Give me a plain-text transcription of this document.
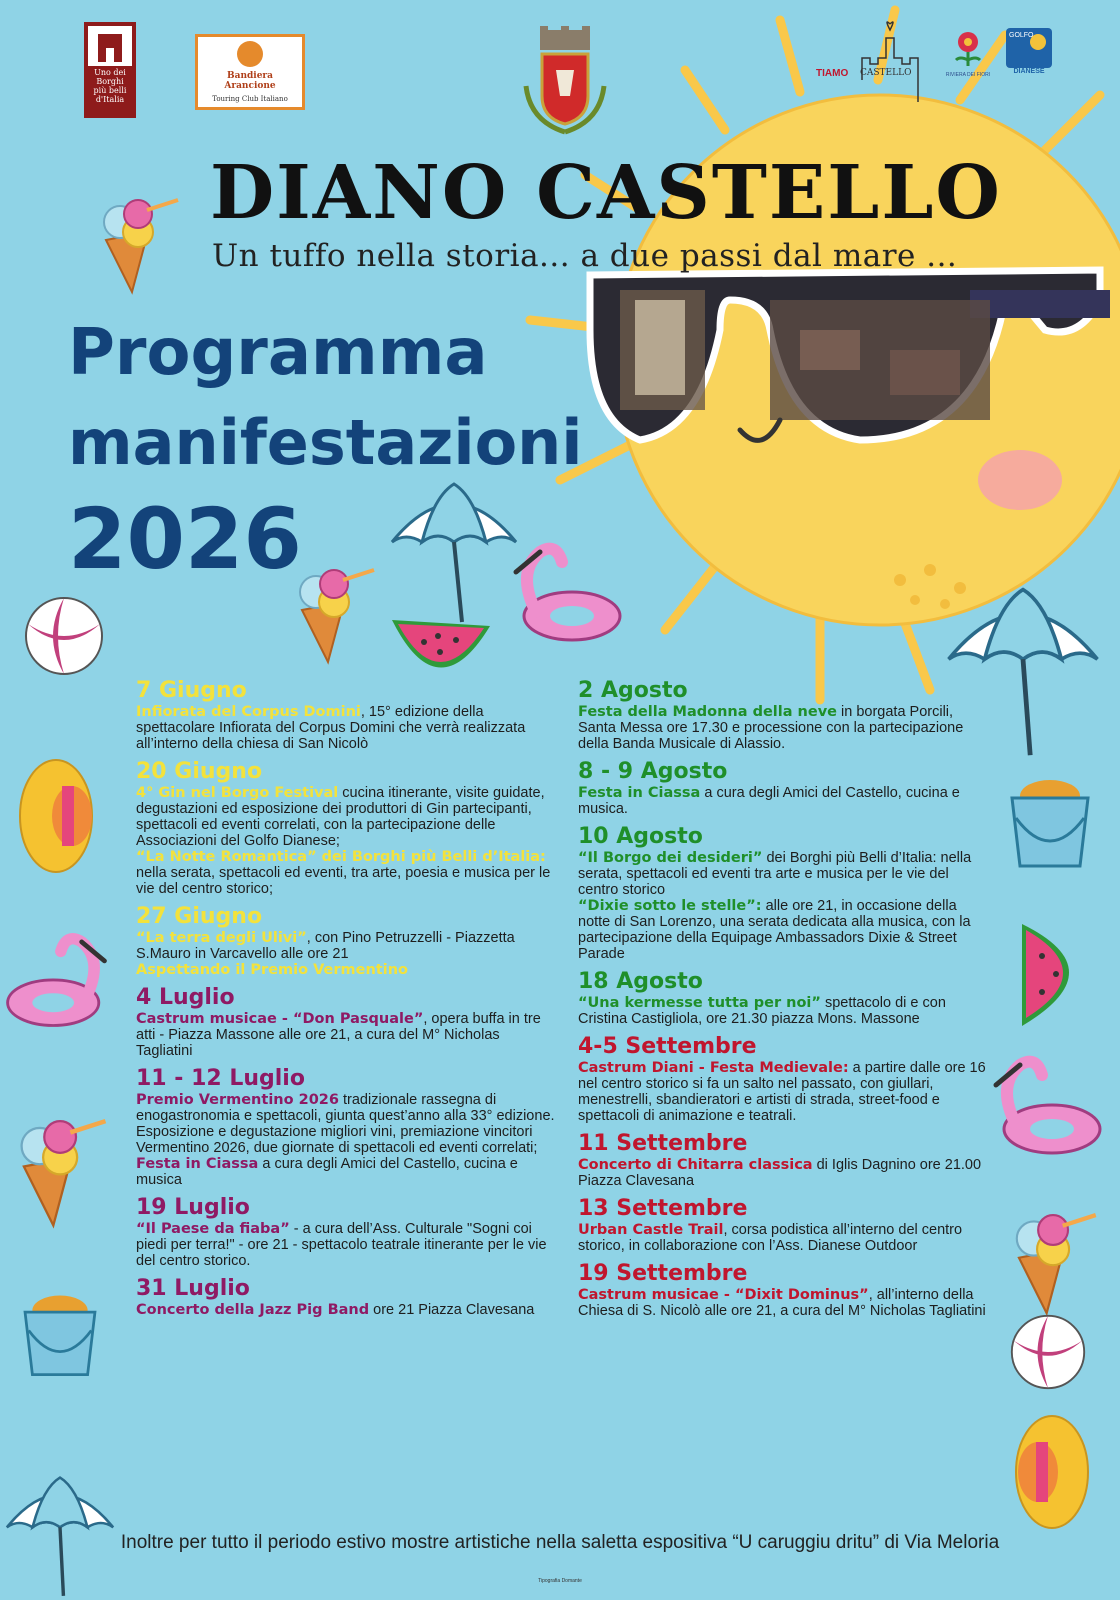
Uno dei
Borghi
più belli
d'Italia
Bandiera Arancione
Touring Club Italiano
TIAMO CASTELLO	RIVIERA DEI FIORI
GOLFO
DIANESE
DIANO CASTELLO
Un tuffo nella storia... a due passi dal mare ...
Programma
manifestazioni
2026
7 Giugno

Infiorata del Corpus Domini, 15° edizione della spettacolare Infiorata del Corpus Domini che verrà realizzata all’interno della chiesa di San Nicolò

20 Giugno

4° Gin nel Borgo Festival cucina itinerante, visite guidate, degustazioni ed esposizione dei produttori di Gin partecipanti, spettacoli ed eventi correlati, con la partecipazione delle Associazioni del Golfo Dianese;

“La Notte Romantica” dei Borghi più Belli d’Italia: nella serata, spettacoli ed eventi, tra arte, poesia e musica per le vie del centro storico;

27 Giugno

“La terra degli Ulivi”, con Pino Petruzzelli - Piazzetta S.Mauro in Varcavello alle ore 21

Aspettando il Premio Vermentino

4 Luglio

Castrum musicae - “Don Pasquale”, opera buffa in tre atti - Piazza Massone alle ore 21, a cura del M° Nicholas Tagliatini

11 - 12 Luglio

Premio Vermentino 2026 tradizionale rassegna di enogastronomia e spettacoli, giunta quest’anno alla 33° edizione. Esposizione e degustazione migliori vini, premiazione vincitori Vermentino 2026, due giornate di spettacoli ed eventi correlati;

Festa in Ciassa a cura degli Amici del Castello, cucina e musica

19 Luglio

“Il Paese da fiaba” - a cura dell’Ass. Culturale "Sogni coi piedi per terra!" - ore 21 - spettacolo teatrale itinerante per le vie del centro storico.

31 Luglio

Concerto della Jazz Pig Band ore 21 Piazza Clavesana

2 Agosto

Festa della Madonna della neve in borgata Porcili, Santa Messa ore 17.30 e processione con la partecipazione della Banda Musicale di Alassio.

8 - 9 Agosto

Festa in Ciassa a cura degli Amici del Castello, cucina e musica.

10 Agosto

“Il Borgo dei desideri” dei Borghi più Belli d’Italia: nella serata, spettacoli ed eventi tra arte e musica per le vie del centro storico

“Dixie sotto le stelle”: alle ore 21, in occasione della notte di San Lorenzo, una serata dedicata alla musica, con la partecipazione della Equipage Ambassadors Dixie & Street Parade

18 Agosto

“Una kermesse tutta per noi” spettacolo di e con Cristina Castigliola, ore 21.30 piazza Mons. Massone

4-5 Settembre

Castrum Diani - Festa Medievale: a partire dalle ore 16 nel centro storico si fa un salto nel passato, con giullari, menestrelli, sbandieratori e artisti di strada, street-food e spettacoli di animazione e teatrali.

11 Settembre

Concerto di Chitarra classica di Iglis Dagnino ore 21.00 Piazza Clavesana

13 Settembre

Urban Castle Trail, corsa podistica all’interno del centro storico, in collaborazione con l’Ass. Dianese Outdoor

19 Settembre

Castrum musicae - “Dixit Dominus”, all’interno della Chiesa di S. Nicolò alle ore 21, a cura del M° Nicholas Tagliatini

Inoltre per tutto il periodo estivo mostre artistiche nella saletta espositiva “U caruggiu dritu” di Via Meloria
Tipografia Domante
